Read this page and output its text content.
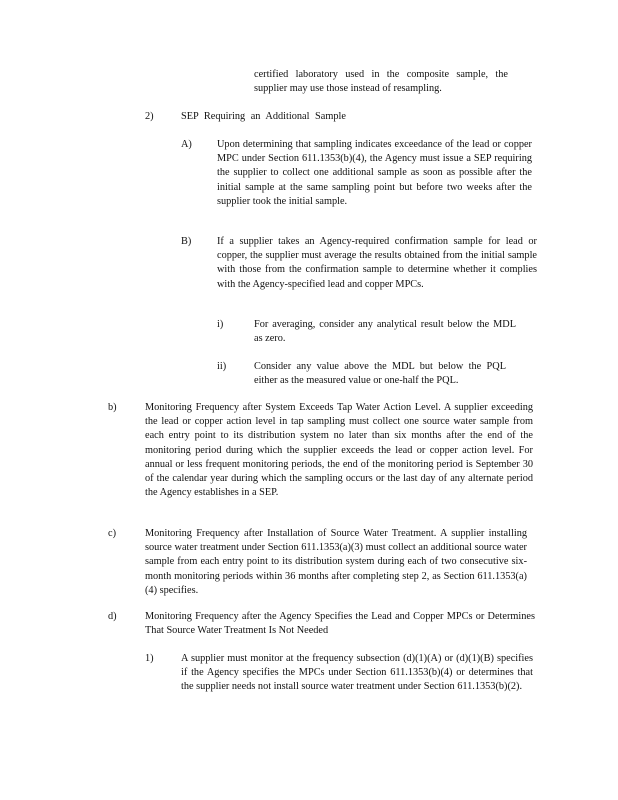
certified laboratory used in the composite sample, the supplier may use those instead of resampling.

2)	SEP Requiring an Additional Sample

A) Upon determining that sampling indicates exceedance of the lead or copper MPC under Section 611.1353(b)(4), the Agency must issue a SEP requiring the supplier to collect one additional sample as soon as possible after the initial sample at the same sampling point but before two weeks after the supplier took the initial sample.

B) If a supplier takes an Agency-required confirmation sample for lead or copper, the supplier must average the results obtained from the initial sample with those from the confirmation sample to determine whether it complies with the Agency-specified lead and copper MPCs.

i)	For averaging, consider any analytical result below the MDL as zero.

ii)	Consider any value above the MDL but below the PQL either as the measured value or one-half the PQL.

b)	Monitoring Frequency after System Exceeds Tap Water Action Level. A supplier exceeding the lead or copper action level in tap sampling must collect one source water sample from each entry point to its distribution system no later than six months after the end of the monitoring period during which the supplier exceeds the lead or copper action level. For annual or less frequent monitoring periods, the end of the monitoring period is September 30 of the calendar year during which the sampling occurs or the last day of any alternate period the Agency establishes in a SEP.

c)	Monitoring Frequency after Installation of Source Water Treatment. A supplier installing source water treatment under Section 611.1353(a)(3) must collect an additional source water sample from each entry point to its distribution system during each of two consecutive six-month monitoring periods within 36 months after completing step 2, as Section 611.1353(a)(4) specifies.

d)	Monitoring Frequency after the Agency Specifies the Lead and Copper MPCs or Determines That Source Water Treatment Is Not Needed

1)	A supplier must monitor at the frequency subsection (d)(1)(A) or (d)(1)(B) specifies if the Agency specifies the MPCs under Section 611.1353(b)(4) or determines that the supplier needs not install source water treatment under Section 611.1353(b)(2).
